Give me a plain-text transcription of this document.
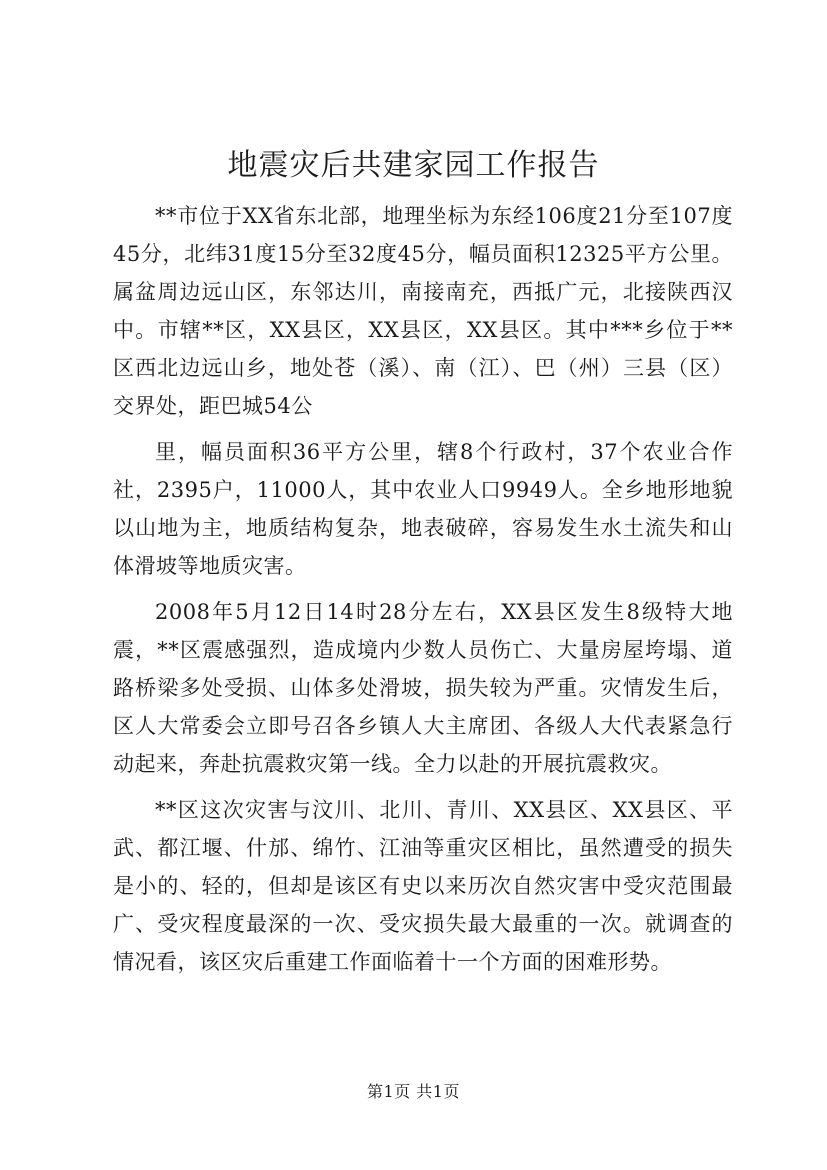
地震灾后共建家园工作报告

**市位于XX省东北部，地理坐标为东经106度21分至107度45分，北纬31度15分至32度45分，幅员面积12325平方公里。属盆周边远山区，东邻达川，南接南充，西抵广元，北接陕西汉中。市辖**区，XX县区，XX县区，XX县区。其中***乡位于**区西北边远山乡，地处苍（溪）、南（江）、巴（州）三县（区）交界处，距巴城54公

里，幅员面积36平方公里，辖8个行政村，37个农业合作社，2395户，11000人，其中农业人口9949人。全乡地形地貌以山地为主，地质结构复杂，地表破碎，容易发生水土流失和山体滑坡等地质灾害。

2008年5月12日14时28分左右，XX县区发生8级特大地震，**区震感强烈，造成境内少数人员伤亡、大量房屋垮塌、道路桥梁多处受损、山体多处滑坡，损失较为严重。灾情发生后，区人大常委会立即号召各乡镇人大主席团、各级人大代表紧急行动起来，奔赴抗震救灾第一线。全力以赴的开展抗震救灾。

**区这次灾害与汶川、北川、青川、XX县区、XX县区、平武、都江堰、什邡、绵竹、江油等重灾区相比，虽然遭受的损失是小的、轻的，但却是该区有史以来历次自然灾害中受灾范围最广、受灾程度最深的一次、受灾损失最大最重的一次。就调查的情况看，该区灾后重建工作面临着十一个方面的困难形势。

第1页 共1页
